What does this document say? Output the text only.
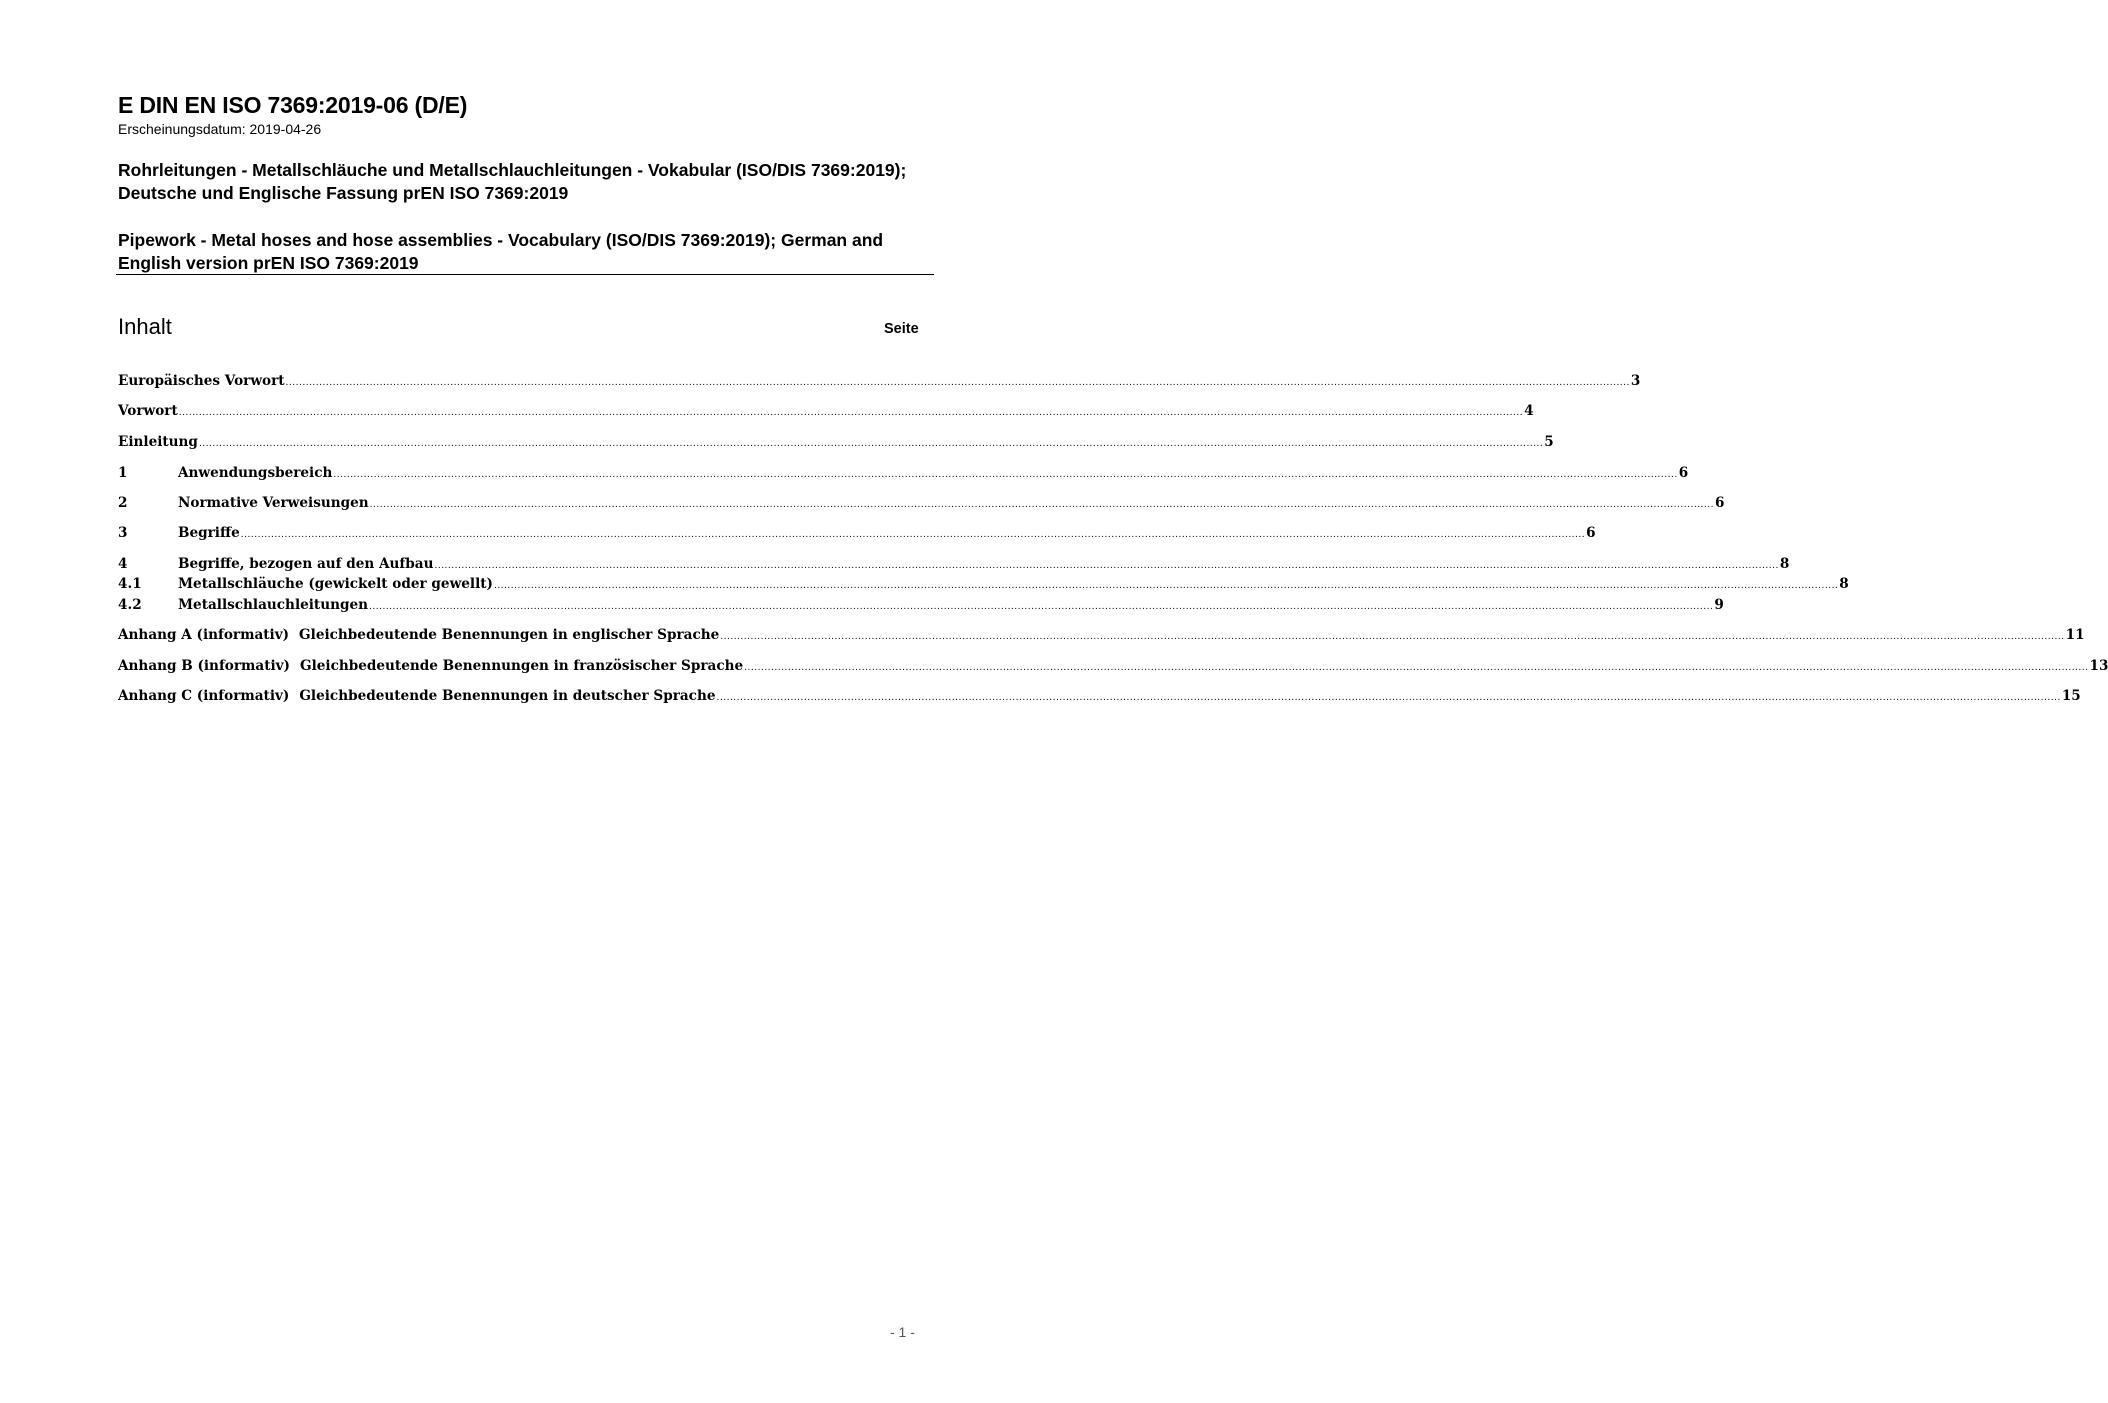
E DIN EN ISO 7369:2019-06 (D/E)
Erscheinungsdatum: 2019-04-26
Rohrleitungen - Metallschläuche und Metallschlauchleitungen - Vokabular (ISO/DIS 7369:2019); Deutsche und Englische Fassung prEN ISO 7369:2019
Pipework - Metal hoses and hose assemblies - Vocabulary (ISO/DIS 7369:2019); German and English version prEN ISO 7369:2019
Inhalt	Seite
Europäisches Vorwort ................................................................................................................................................................................................................................................................................................................................................................................................................ 3
Vorwort ................................................................................................................................................................................................................................................................................................................................................................................................................ 4
Einleitung ................................................................................................................................................................................................................................................................................................................................................................................................................ 5
1	Anwendungsbereich ................................................................................................................................................................................................................................................................................................................................................................................................................ 6
2	Normative Verweisungen ................................................................................................................................................................................................................................................................................................................................................................................................................ 6
3	Begriffe ................................................................................................................................................................................................................................................................................................................................................................................................................ 6
4	Begriffe, bezogen auf den Aufbau ................................................................................................................................................................................................................................................................................................................................................................................................................ 8
4.1	Metallschläuche (gewickelt oder gewellt) ................................................................................................................................................................................................................................................................................................................................................................................................................ 8
4.2	Metallschlauchleitungen ................................................................................................................................................................................................................................................................................................................................................................................................................ 9
Anhang A (informativ) Gleichbedeutende Benennungen in englischer Sprache ................................................................................................................................................................................................................................................................................................................................................................................................................ 11
Anhang B (informativ) Gleichbedeutende Benennungen in französischer Sprache ................................................................................................................................................................................................................................................................................................................................................................................................................ 13
Anhang C (informativ) Gleichbedeutende Benennungen in deutscher Sprache ................................................................................................................................................................................................................................................................................................................................................................................................................ 15
- 1 -
